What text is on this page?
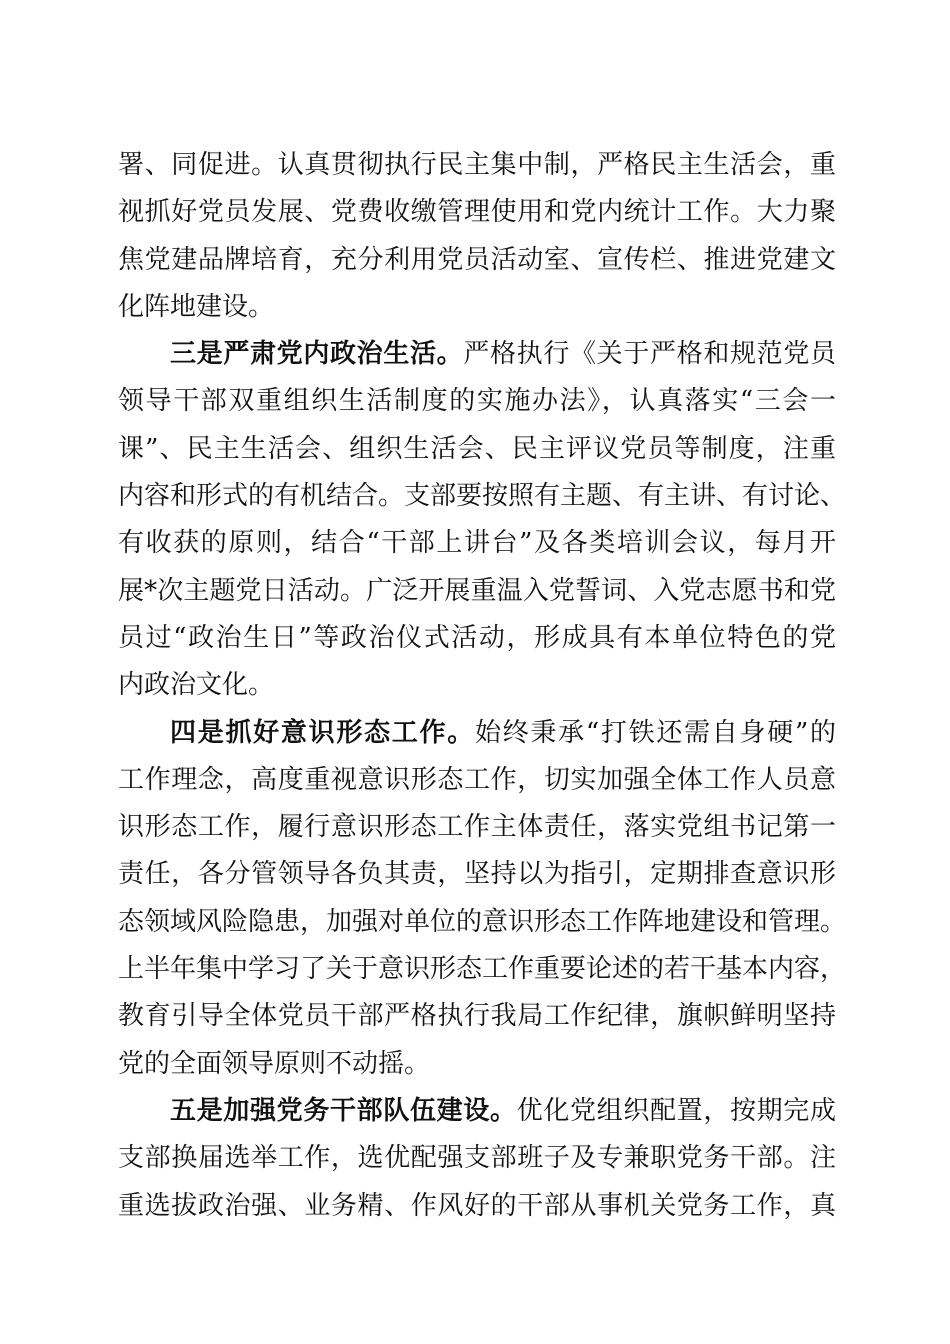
署、同促进。认真贯彻执行民主集中制，严格民主生活会，重
视抓好党员发展、党费收缴管理使用和党内统计工作。大力聚
焦党建品牌培育，充分利用党员活动室、宣传栏、推进党建文
化阵地建设。
三是严肃党内政治生活。严格执行《关于严格和规范党员
领导干部双重组织生活制度的实施办法》，认真落实“三会一
课”、民主生活会、组织生活会、民主评议党员等制度，注重
内容和形式的有机结合。支部要按照有主题、有主讲、有讨论、
有收获的原则，结合“干部上讲台”及各类培训会议，每月开
展*次主题党日活动。广泛开展重温入党誓词、入党志愿书和党
员过“政治生日”等政治仪式活动，形成具有本单位特色的党
内政治文化。
四是抓好意识形态工作。始终秉承“打铁还需自身硬”的
工作理念，高度重视意识形态工作，切实加强全体工作人员意
识形态工作，履行意识形态工作主体责任，落实党组书记第一
责任，各分管领导各负其责，坚持以为指引，定期排查意识形
态领域风险隐患，加强对单位的意识形态工作阵地建设和管理。
上半年集中学习了关于意识形态工作重要论述的若干基本内容，
教育引导全体党员干部严格执行我局工作纪律，旗帜鲜明坚持
党的全面领导原则不动摇。
五是加强党务干部队伍建设。优化党组织配置，按期完成
支部换届选举工作，选优配强支部班子及专兼职党务干部。注
重选拔政治强、业务精、作风好的干部从事机关党务工作，真
